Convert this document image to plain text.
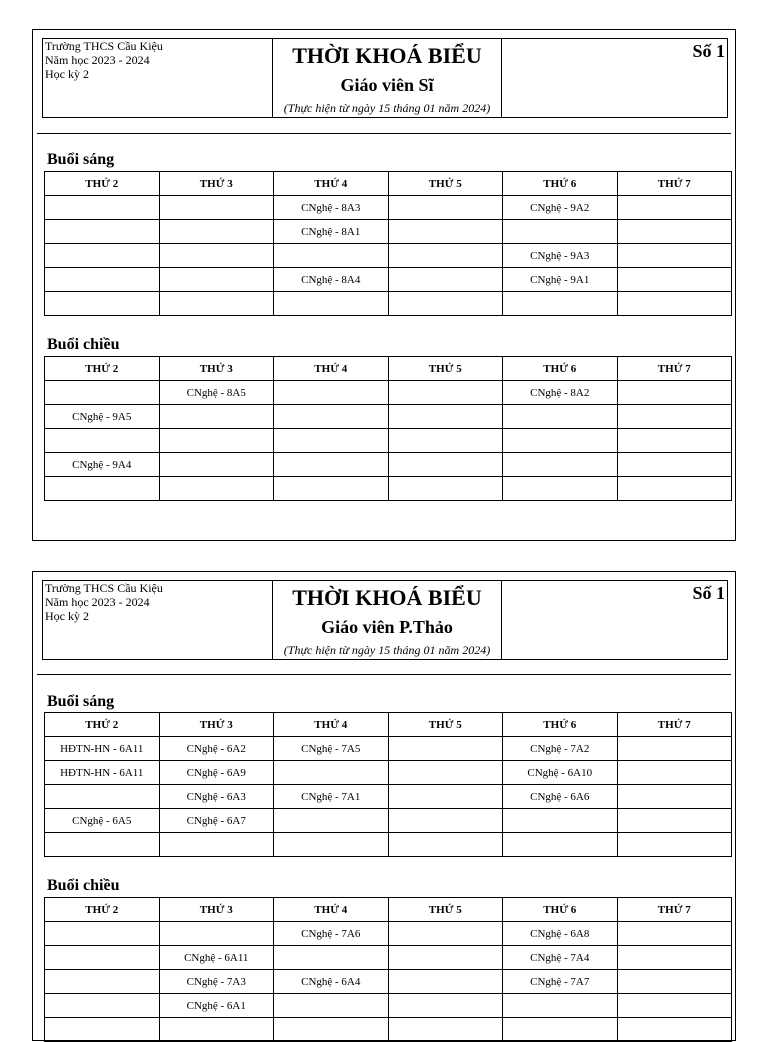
Trường THCS Cầu Kiệu
Năm học 2023 - 2024
Học kỳ 2
THỜI KHOÁ BIỂU
Giáo viên Sĩ
(Thực hiện từ ngày 15 tháng 01 năm 2024)
Số 1
Buổi sáng
THỨ 2	THỨ 3	THỨ 4	THỨ 5	THỨ 6	THỨ 7
		CNghệ - 8A3		CNghệ - 9A2	
		CNghệ - 8A1			
				CNghệ - 9A3	
		CNghệ - 8A4		CNghệ - 9A1	

Buổi chiều
THỨ 2	THỨ 3	THỨ 4	THỨ 5	THỨ 6	THỨ 7
	CNghệ - 8A5			CNghệ - 8A2	
CNghệ - 9A5					

CNghệ - 9A4					

Trường THCS Cầu Kiệu
Năm học 2023 - 2024
Học kỳ 2
THỜI KHOÁ BIỂU
Giáo viên P.Thảo
(Thực hiện từ ngày 15 tháng 01 năm 2024)
Số 1
Buổi sáng
THỨ 2	THỨ 3	THỨ 4	THỨ 5	THỨ 6	THỨ 7
HĐTN-HN - 6A11	CNghệ - 6A2	CNghệ - 7A5		CNghệ - 7A2	
HĐTN-HN - 6A11	CNghệ - 6A9			CNghệ - 6A10	
	CNghệ - 6A3	CNghệ - 7A1		CNghệ - 6A6	
CNghệ - 6A5	CNghệ - 6A7				

Buổi chiều
THỨ 2	THỨ 3	THỨ 4	THỨ 5	THỨ 6	THỨ 7
		CNghệ - 7A6		CNghệ - 6A8	
	CNghệ - 6A11			CNghệ - 7A4	
	CNghệ - 7A3	CNghệ - 6A4		CNghệ - 7A7	
	CNghệ - 6A1				
